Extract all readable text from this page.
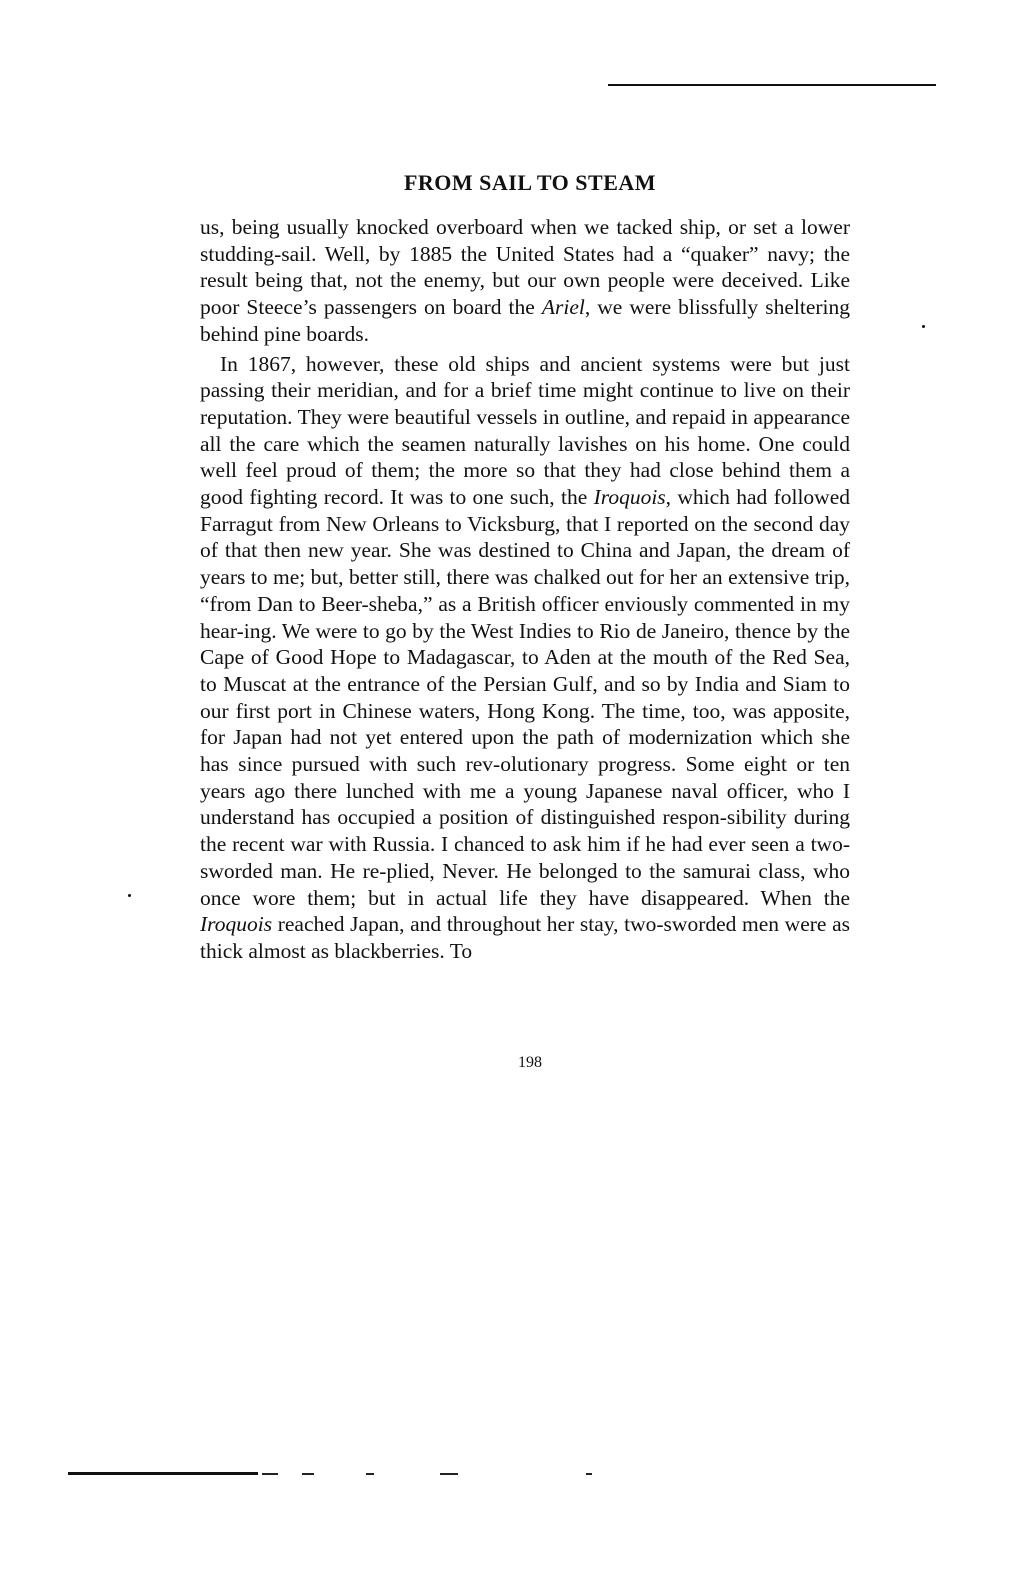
FROM SAIL TO STEAM

us, being usually knocked overboard when we tacked ship, or set a lower studding-sail. Well, by 1885 the United States had a “quaker” navy; the result being that, not the enemy, but our own people were deceived. Like poor Steece’s passengers on board the Ariel, we were blissfully sheltering behind pine boards.

In 1867, however, these old ships and ancient systems were but just passing their meridian, and for a brief time might continue to live on their reputation. They were beautiful vessels in outline, and repaid in appearance all the care which the seamen naturally lavishes on his home. One could well feel proud of them; the more so that they had close behind them a good fighting record. It was to one such, the Iroquois, which had followed Farragut from New Orleans to Vicksburg, that I reported on the second day of that then new year. She was destined to China and Japan, the dream of years to me; but, better still, there was chalked out for her an extensive trip, “from Dan to Beer-sheba,” as a British officer enviously commented in my hear-ing. We were to go by the West Indies to Rio de Janeiro, thence by the Cape of Good Hope to Madagascar, to Aden at the mouth of the Red Sea, to Muscat at the entrance of the Persian Gulf, and so by India and Siam to our first port in Chinese waters, Hong Kong. The time, too, was apposite, for Japan had not yet entered upon the path of modernization which she has since pursued with such rev-olutionary progress. Some eight or ten years ago there lunched with me a young Japanese naval officer, who I understand has occupied a position of distinguished respon-sibility during the recent war with Russia. I chanced to ask him if he had ever seen a two-sworded man. He re-plied, Never. He belonged to the samurai class, who once wore them; but in actual life they have disappeared. When the Iroquois reached Japan, and throughout her stay, two-sworded men were as thick almost as blackberries. To

198
